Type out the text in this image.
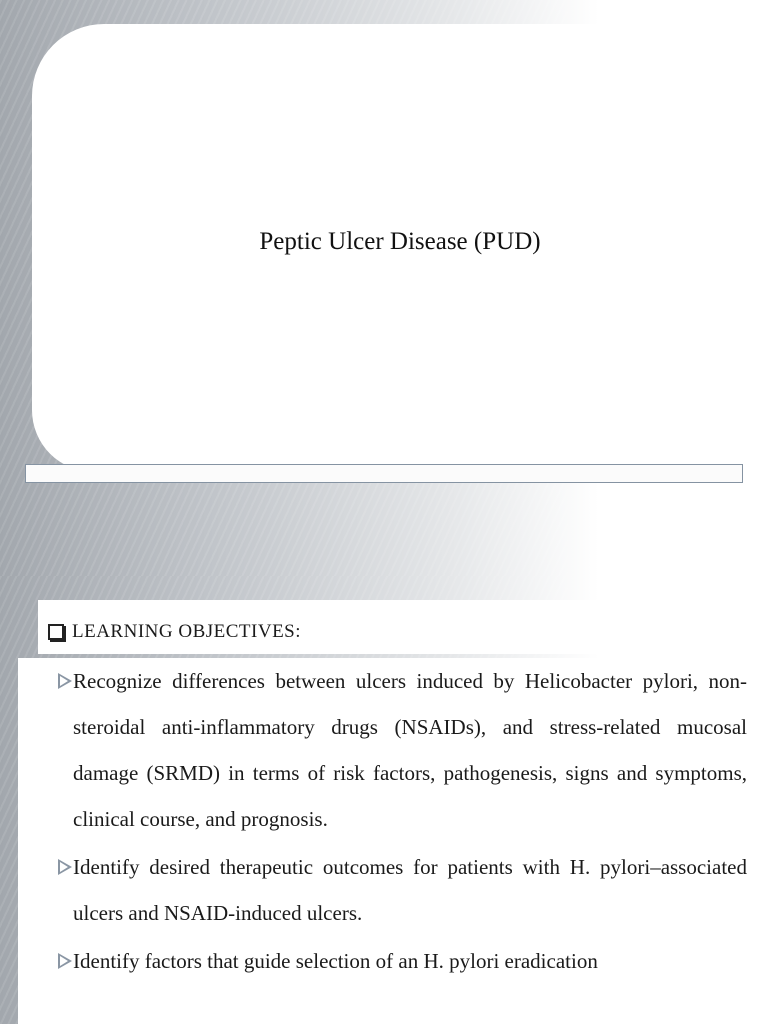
Peptic Ulcer Disease (PUD)
LEARNING OBJECTIVES:
Recognize differences between ulcers induced by Helicobacter pylori, non-steroidal anti-inflammatory drugs (NSAIDs), and stress-related mucosal damage (SRMD) in terms of risk factors, pathogenesis, signs and symptoms, clinical course, and prognosis.
Identify desired therapeutic outcomes for patients with H. pylori–associated ulcers and NSAID-induced ulcers.
Identify factors that guide selection of an H. pylori eradication
